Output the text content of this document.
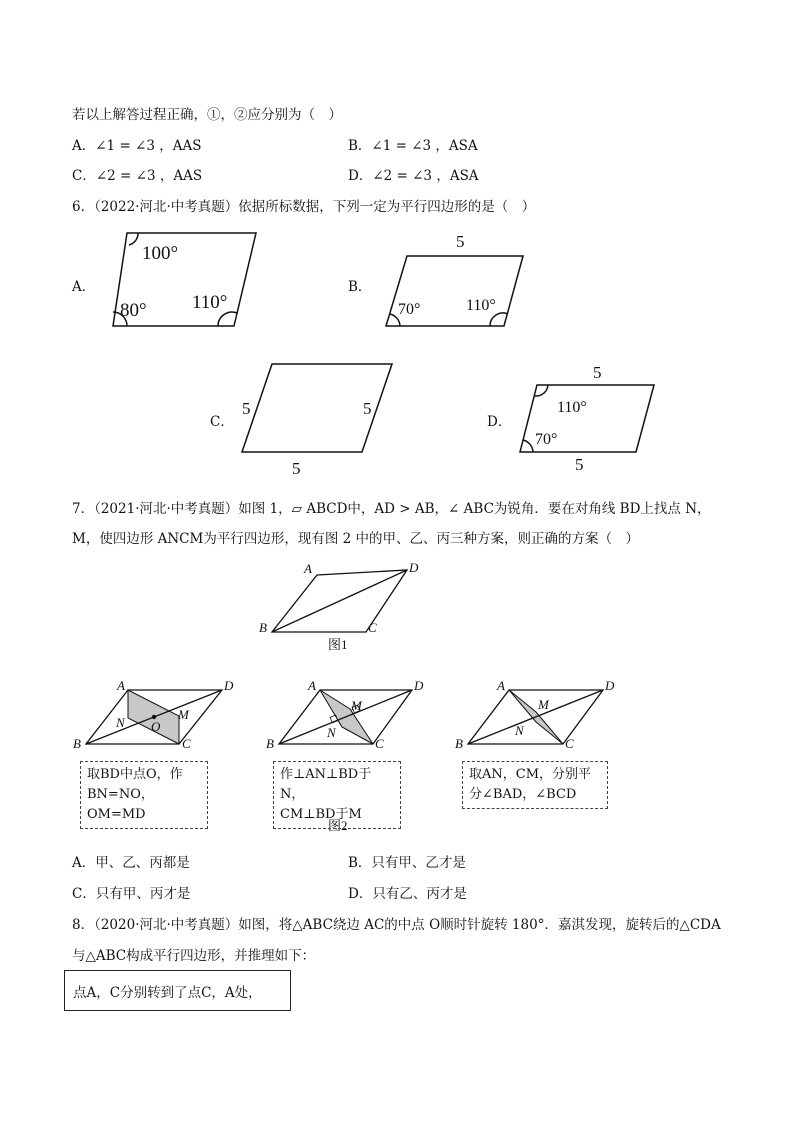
若以上解答过程正确，①，②应分别为（　）
A．∠1 = ∠3 ，AAS	B．∠1 = ∠3 ，ASA
C．∠2 = ∠3 ，AAS	D．∠2 = ∠3 ，ASA
6．（2022·河北·中考真题）依据所标数据，下列一定为平行四边形的是（　）
A．
100°
80° 110°
5
70°	110°
5	5
5
5
110°
70°
5
B．
C．	D．
7．（2021·河北·中考真题）如图 1，▱ ABCD中，AD > AB，∠ ABC为锐角．要在对角线 BD上找点 N，
M，使四边形 ANCM为平行四边形，现有图 2 中的甲、乙、丙三种方案，则正确的方案（　）
A	D
B	C
图1
A	D
B	C
N
M
O
A	D
B	C
N
M
A	D
B	C
N
M
图2
取BD中点O，作
BN=NO，OM=MD
作⊥AN⊥BD于N，
CM⊥BD于M
取AN，CM，分别平
分∠BAD，∠BCD
A．甲、乙、丙都是	B．只有甲、乙才是
C．只有甲、丙才是	D．只有乙、丙才是
8．（2020·河北·中考真题）如图，将△ABC绕边 AC的中点 O顺时针旋转 180°．嘉淇发现，旋转后的△CDA
与△ABC构成平行四边形，并推理如下：
点A，C分别转到了点C，A处，
